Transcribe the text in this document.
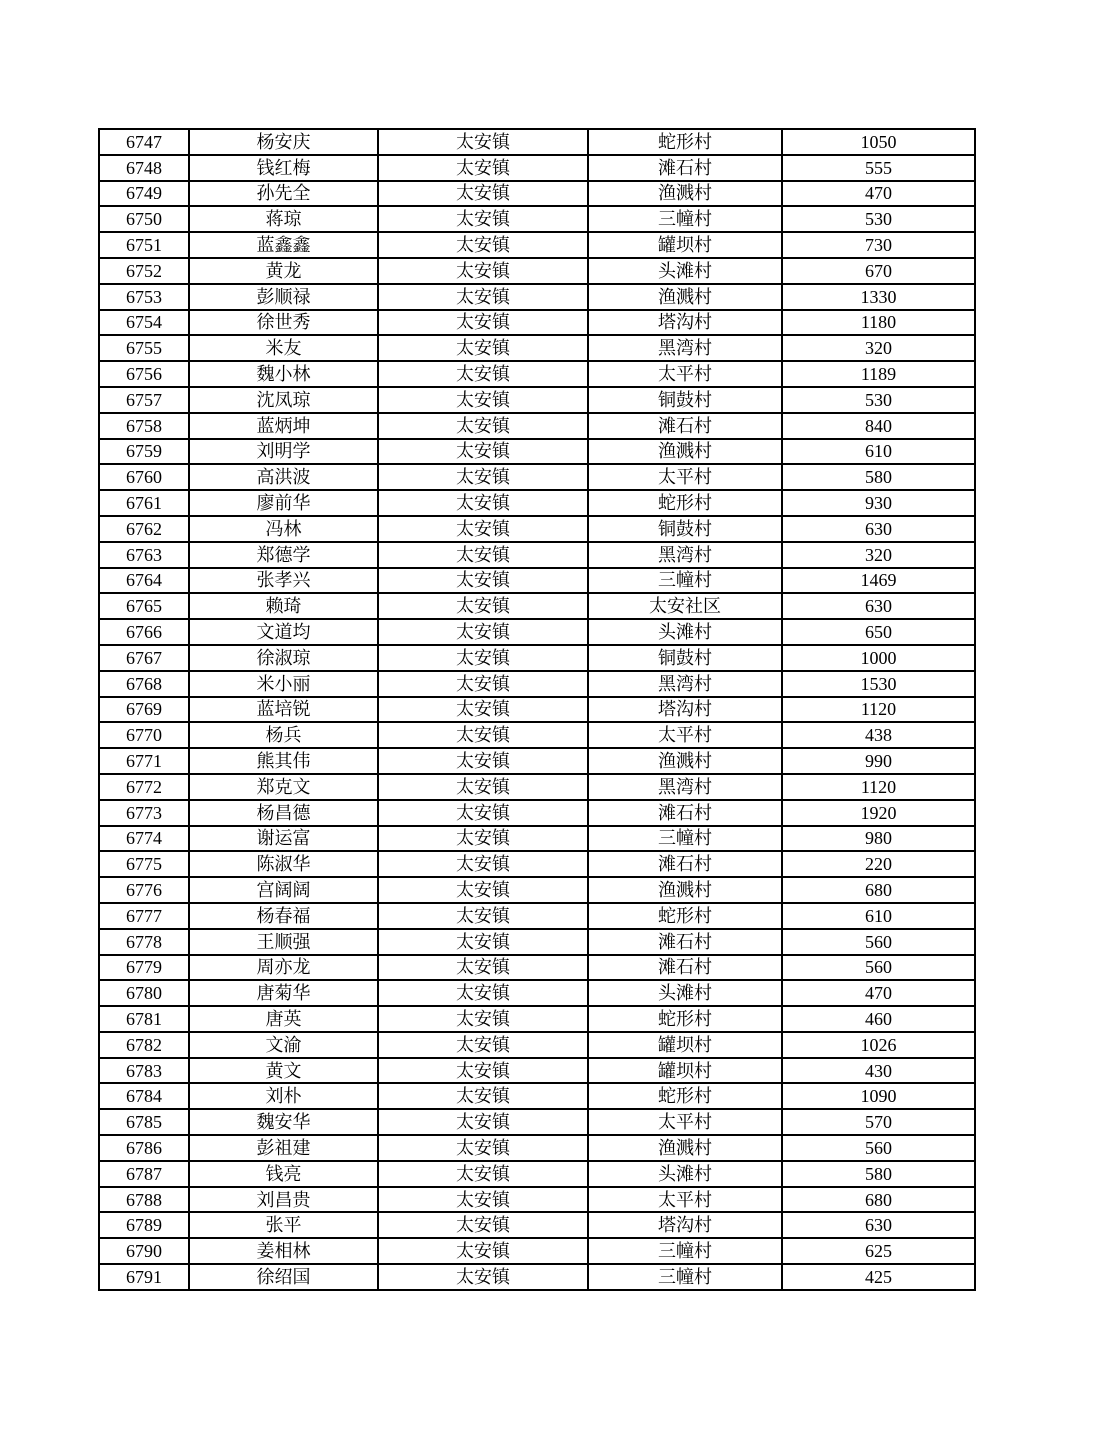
6747	杨安庆	太安镇	蛇形村	1050
6748	钱红梅	太安镇	滩石村	555
6749	孙先全	太安镇	渔溅村	470
6750	蒋琼	太安镇	三幢村	530
6751	蓝鑫鑫	太安镇	罐坝村	730
6752	黄龙	太安镇	头滩村	670
6753	彭顺禄	太安镇	渔溅村	1330
6754	徐世秀	太安镇	塔沟村	1180
6755	米友	太安镇	黑湾村	320
6756	魏小林	太安镇	太平村	1189
6757	沈凤琼	太安镇	铜鼓村	530
6758	蓝炳坤	太安镇	滩石村	840
6759	刘明学	太安镇	渔溅村	610
6760	高洪波	太安镇	太平村	580
6761	廖前华	太安镇	蛇形村	930
6762	冯林	太安镇	铜鼓村	630
6763	郑德学	太安镇	黑湾村	320
6764	张孝兴	太安镇	三幢村	1469
6765	赖琦	太安镇	太安社区	630
6766	文道均	太安镇	头滩村	650
6767	徐淑琼	太安镇	铜鼓村	1000
6768	米小丽	太安镇	黑湾村	1530
6769	蓝培锐	太安镇	塔沟村	1120
6770	杨兵	太安镇	太平村	438
6771	熊其伟	太安镇	渔溅村	990
6772	郑克文	太安镇	黑湾村	1120
6773	杨昌德	太安镇	滩石村	1920
6774	谢运富	太安镇	三幢村	980
6775	陈淑华	太安镇	滩石村	220
6776	宫阔阔	太安镇	渔溅村	680
6777	杨春福	太安镇	蛇形村	610
6778	王顺强	太安镇	滩石村	560
6779	周亦龙	太安镇	滩石村	560
6780	唐菊华	太安镇	头滩村	470
6781	唐英	太安镇	蛇形村	460
6782	文渝	太安镇	罐坝村	1026
6783	黄文	太安镇	罐坝村	430
6784	刘朴	太安镇	蛇形村	1090
6785	魏安华	太安镇	太平村	570
6786	彭祖建	太安镇	渔溅村	560
6787	钱亮	太安镇	头滩村	580
6788	刘昌贵	太安镇	太平村	680
6789	张平	太安镇	塔沟村	630
6790	姜相林	太安镇	三幢村	625
6791	徐绍国	太安镇	三幢村	425
